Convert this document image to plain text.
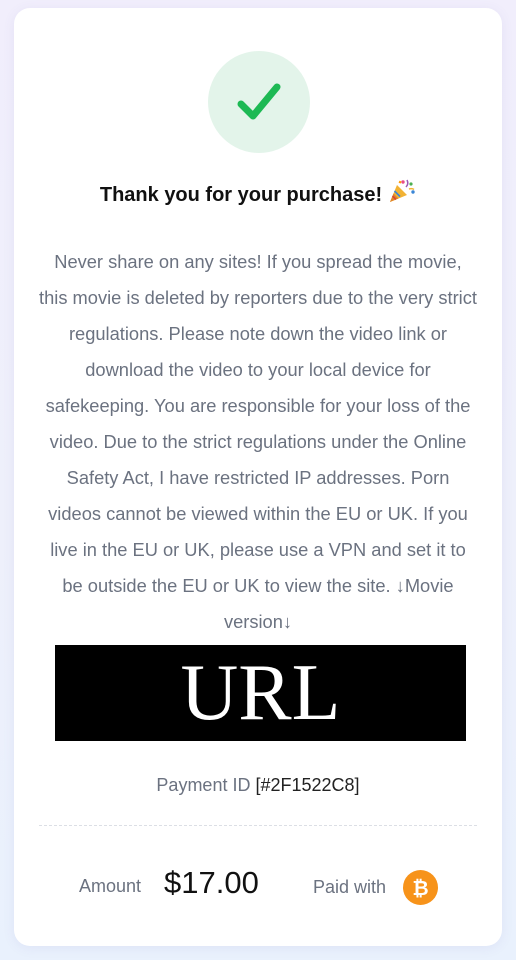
Thank you for your purchase!

Never share on any sites! If you spread the movie, this movie is deleted by reporters due to the very strict regulations. Please note down the video link or download the video to your local device for safekeeping. You are responsible for your loss of the video. Due to the strict regulations under the Online Safety Act, I have restricted IP addresses. Porn videos cannot be viewed within the EU or UK. If you live in the EU or UK, please use a VPN and set it to be outside the EU or UK to view the site. ↓Movie version↓

URL
Payment ID [#2F1522C8]
Amount $17.00	Paid with ₿
